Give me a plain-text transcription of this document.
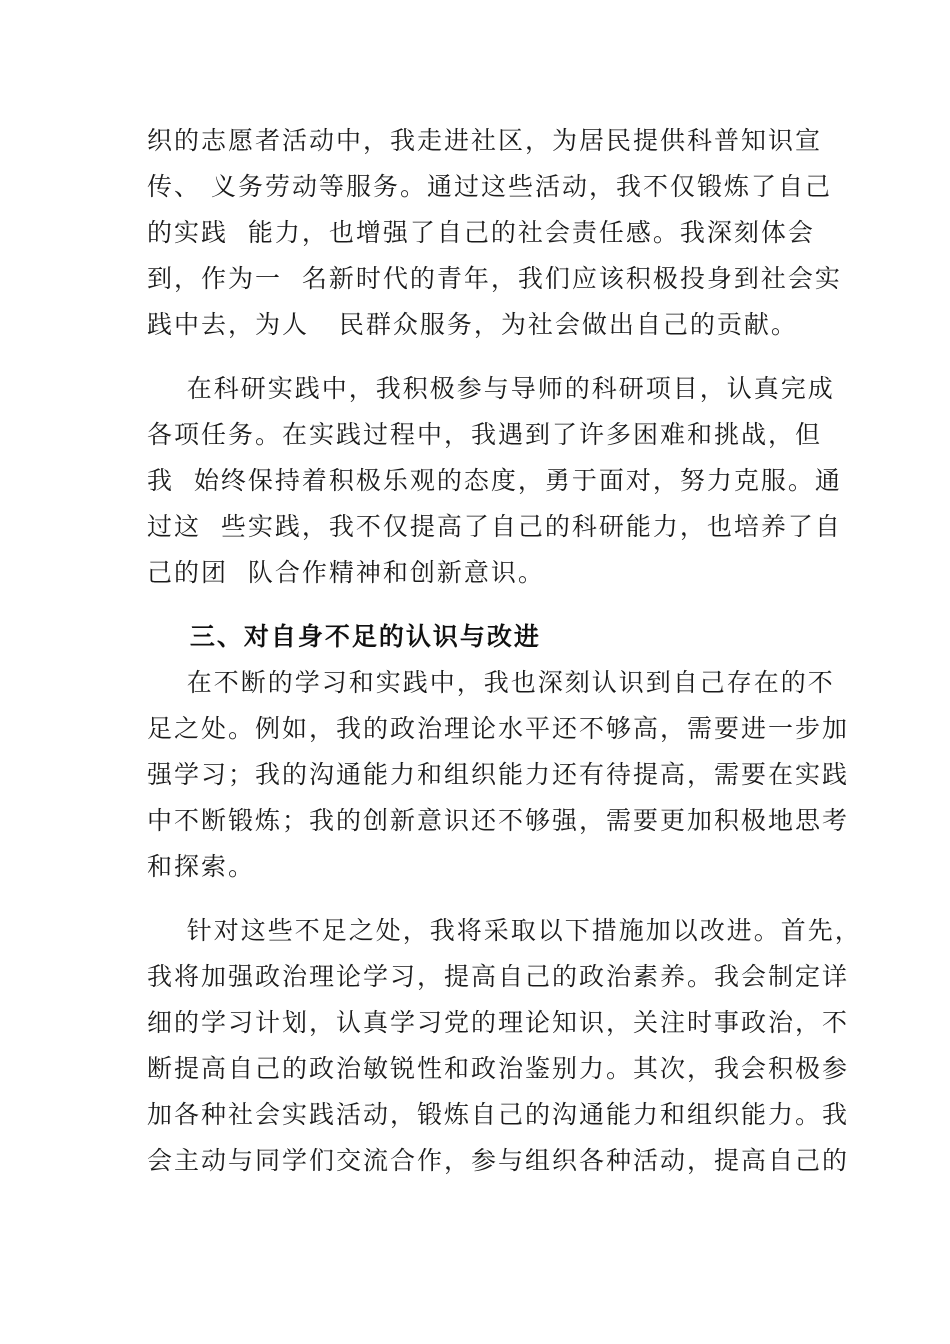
织的志愿者活动中，我走进社区，为居民提供科普知识宣
传、 义务劳动等服务。通过这些活动，我不仅锻炼了自己
的实践  能力，也增强了自己的社会责任感。我深刻体会
到，作为一  名新时代的青年，我们应该积极投身到社会实
践中去，为人   民群众服务，为社会做出自己的贡献。
在科研实践中，我积极参与导师的科研项目，认真完成
各项任务。在实践过程中，我遇到了许多困难和挑战，但
我  始终保持着积极乐观的态度，勇于面对，努力克服。通
过这  些实践，我不仅提高了自己的科研能力，也培养了自
己的团  队合作精神和创新意识。
三、对自身不足的认识与改进
在不断的学习和实践中，我也深刻认识到自己存在的不
足之处。例如，我的政治理论水平还不够高，需要进一步加
强学习；我的沟通能力和组织能力还有待提高，需要在实践
中不断锻炼；我的创新意识还不够强，需要更加积极地思考
和探索。
针对这些不足之处，我将采取以下措施加以改进。首先，
我将加强政治理论学习，提高自己的政治素养。我会制定详
细的学习计划，认真学习党的理论知识，关注时事政治，不
断提高自己的政治敏锐性和政治鉴别力。其次，我会积极参
加各种社会实践活动，锻炼自己的沟通能力和组织能力。我
会主动与同学们交流合作，参与组织各种活动，提高自己的
